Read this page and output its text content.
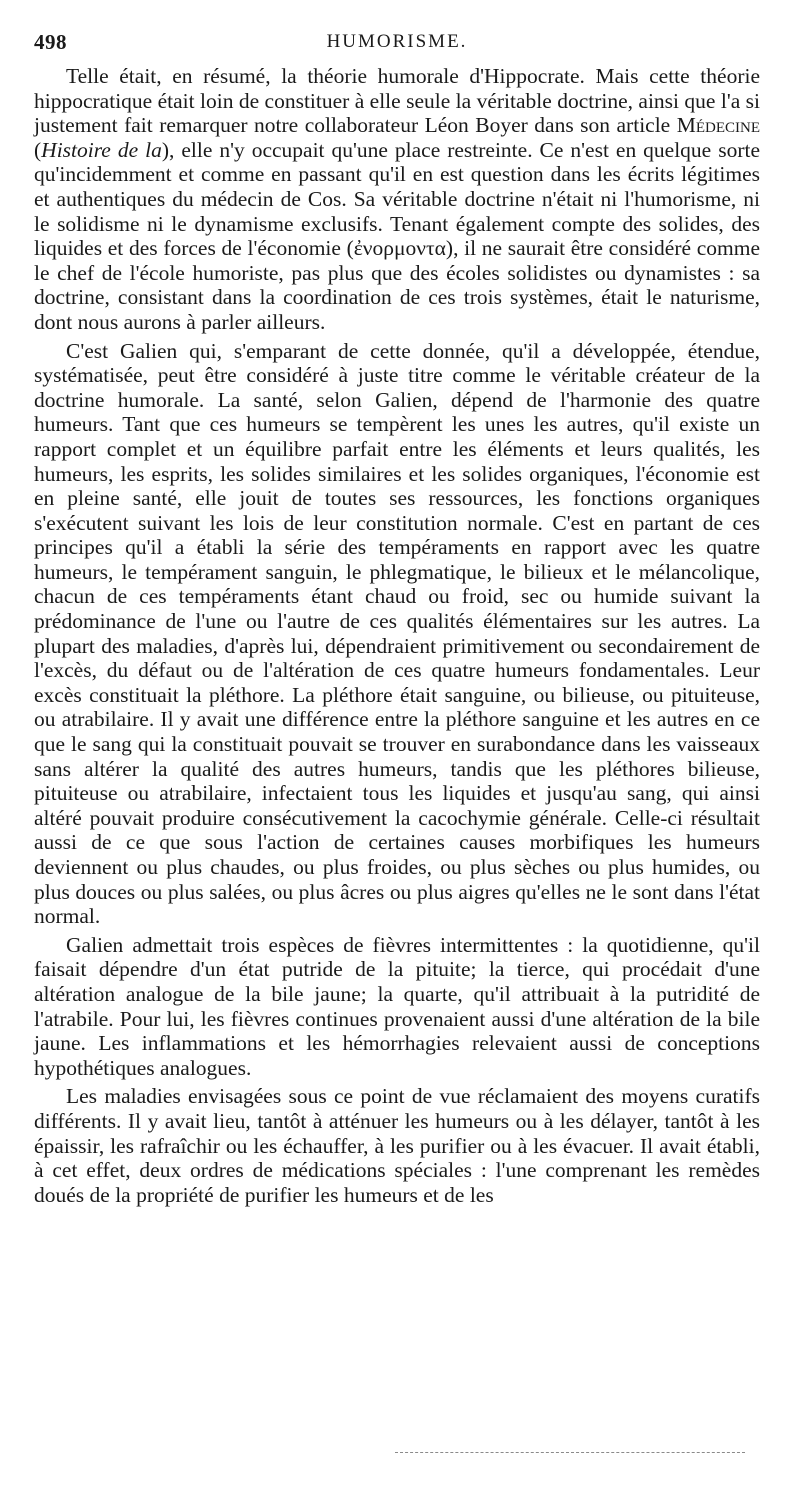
498	HUMORISME.

Telle était, en résumé, la théorie humorale d'Hippocrate. Mais cette théorie hippocratique était loin de constituer à elle seule la véritable doctrine, ainsi que l'a si justement fait remarquer notre collaborateur Léon Boyer dans son article Médecine (Histoire de la), elle n'y occupait qu'une place restreinte. Ce n'est en quelque sorte qu'incidemment et comme en passant qu'il en est question dans les écrits légitimes et authentiques du médecin de Cos. Sa véritable doctrine n'était ni l'humorisme, ni le solidisme ni le dynamisme exclusifs. Tenant également compte des solides, des liquides et des forces de l'économie (ἐνορμοντα), il ne saurait être considéré comme le chef de l'école humoriste, pas plus que des écoles solidistes ou dynamistes : sa doctrine, consistant dans la coordination de ces trois systèmes, était le naturisme, dont nous aurons à parler ailleurs.

C'est Galien qui, s'emparant de cette donnée, qu'il a développée, étendue, systématisée, peut être considéré à juste titre comme le véritable créateur de la doctrine humorale. La santé, selon Galien, dépend de l'harmonie des quatre humeurs. Tant que ces humeurs se tempèrent les unes les autres, qu'il existe un rapport complet et un équilibre parfait entre les éléments et leurs qualités, les humeurs, les esprits, les solides similaires et les solides organiques, l'économie est en pleine santé, elle jouit de toutes ses ressources, les fonctions organiques s'exécutent suivant les lois de leur constitution normale. C'est en partant de ces principes qu'il a établi la série des tempéraments en rapport avec les quatre humeurs, le tempérament sanguin, le phlegmatique, le bilieux et le mélancolique, chacun de ces tempéraments étant chaud ou froid, sec ou humide suivant la prédominance de l'une ou l'autre de ces qualités élémentaires sur les autres. La plupart des maladies, d'après lui, dépendraient primitivement ou secondairement de l'excès, du défaut ou de l'altération de ces quatre humeurs fondamentales. Leur excès constituait la pléthore. La pléthore était sanguine, ou bilieuse, ou pituiteuse, ou atrabilaire. Il y avait une différence entre la pléthore sanguine et les autres en ce que le sang qui la constituait pouvait se trouver en surabondance dans les vaisseaux sans altérer la qualité des autres humeurs, tandis que les pléthores bilieuse, pituiteuse ou atrabilaire, infectaient tous les liquides et jusqu'au sang, qui ainsi altéré pouvait produire consécutivement la cacochymie générale. Celle-ci résultait aussi de ce que sous l'action de certaines causes morbifiques les humeurs deviennent ou plus chaudes, ou plus froides, ou plus sèches ou plus humides, ou plus douces ou plus salées, ou plus âcres ou plus aigres qu'elles ne le sont dans l'état normal.

Galien admettait trois espèces de fièvres intermittentes : la quotidienne, qu'il faisait dépendre d'un état putride de la pituite; la tierce, qui procédait d'une altération analogue de la bile jaune; la quarte, qu'il attribuait à la putridité de l'atrabile. Pour lui, les fièvres continues provenaient aussi d'une altération de la bile jaune. Les inflammations et les hémorrhagies relevaient aussi de conceptions hypothétiques analogues.

Les maladies envisagées sous ce point de vue réclamaient des moyens curatifs différents. Il y avait lieu, tantôt à atténuer les humeurs ou à les délayer, tantôt à les épaissir, les rafraîchir ou les échauffer, à les purifier ou à les évacuer. Il avait établi, à cet effet, deux ordres de médications spéciales : l'une comprenant les remèdes doués de la propriété de purifier les humeurs et de les
